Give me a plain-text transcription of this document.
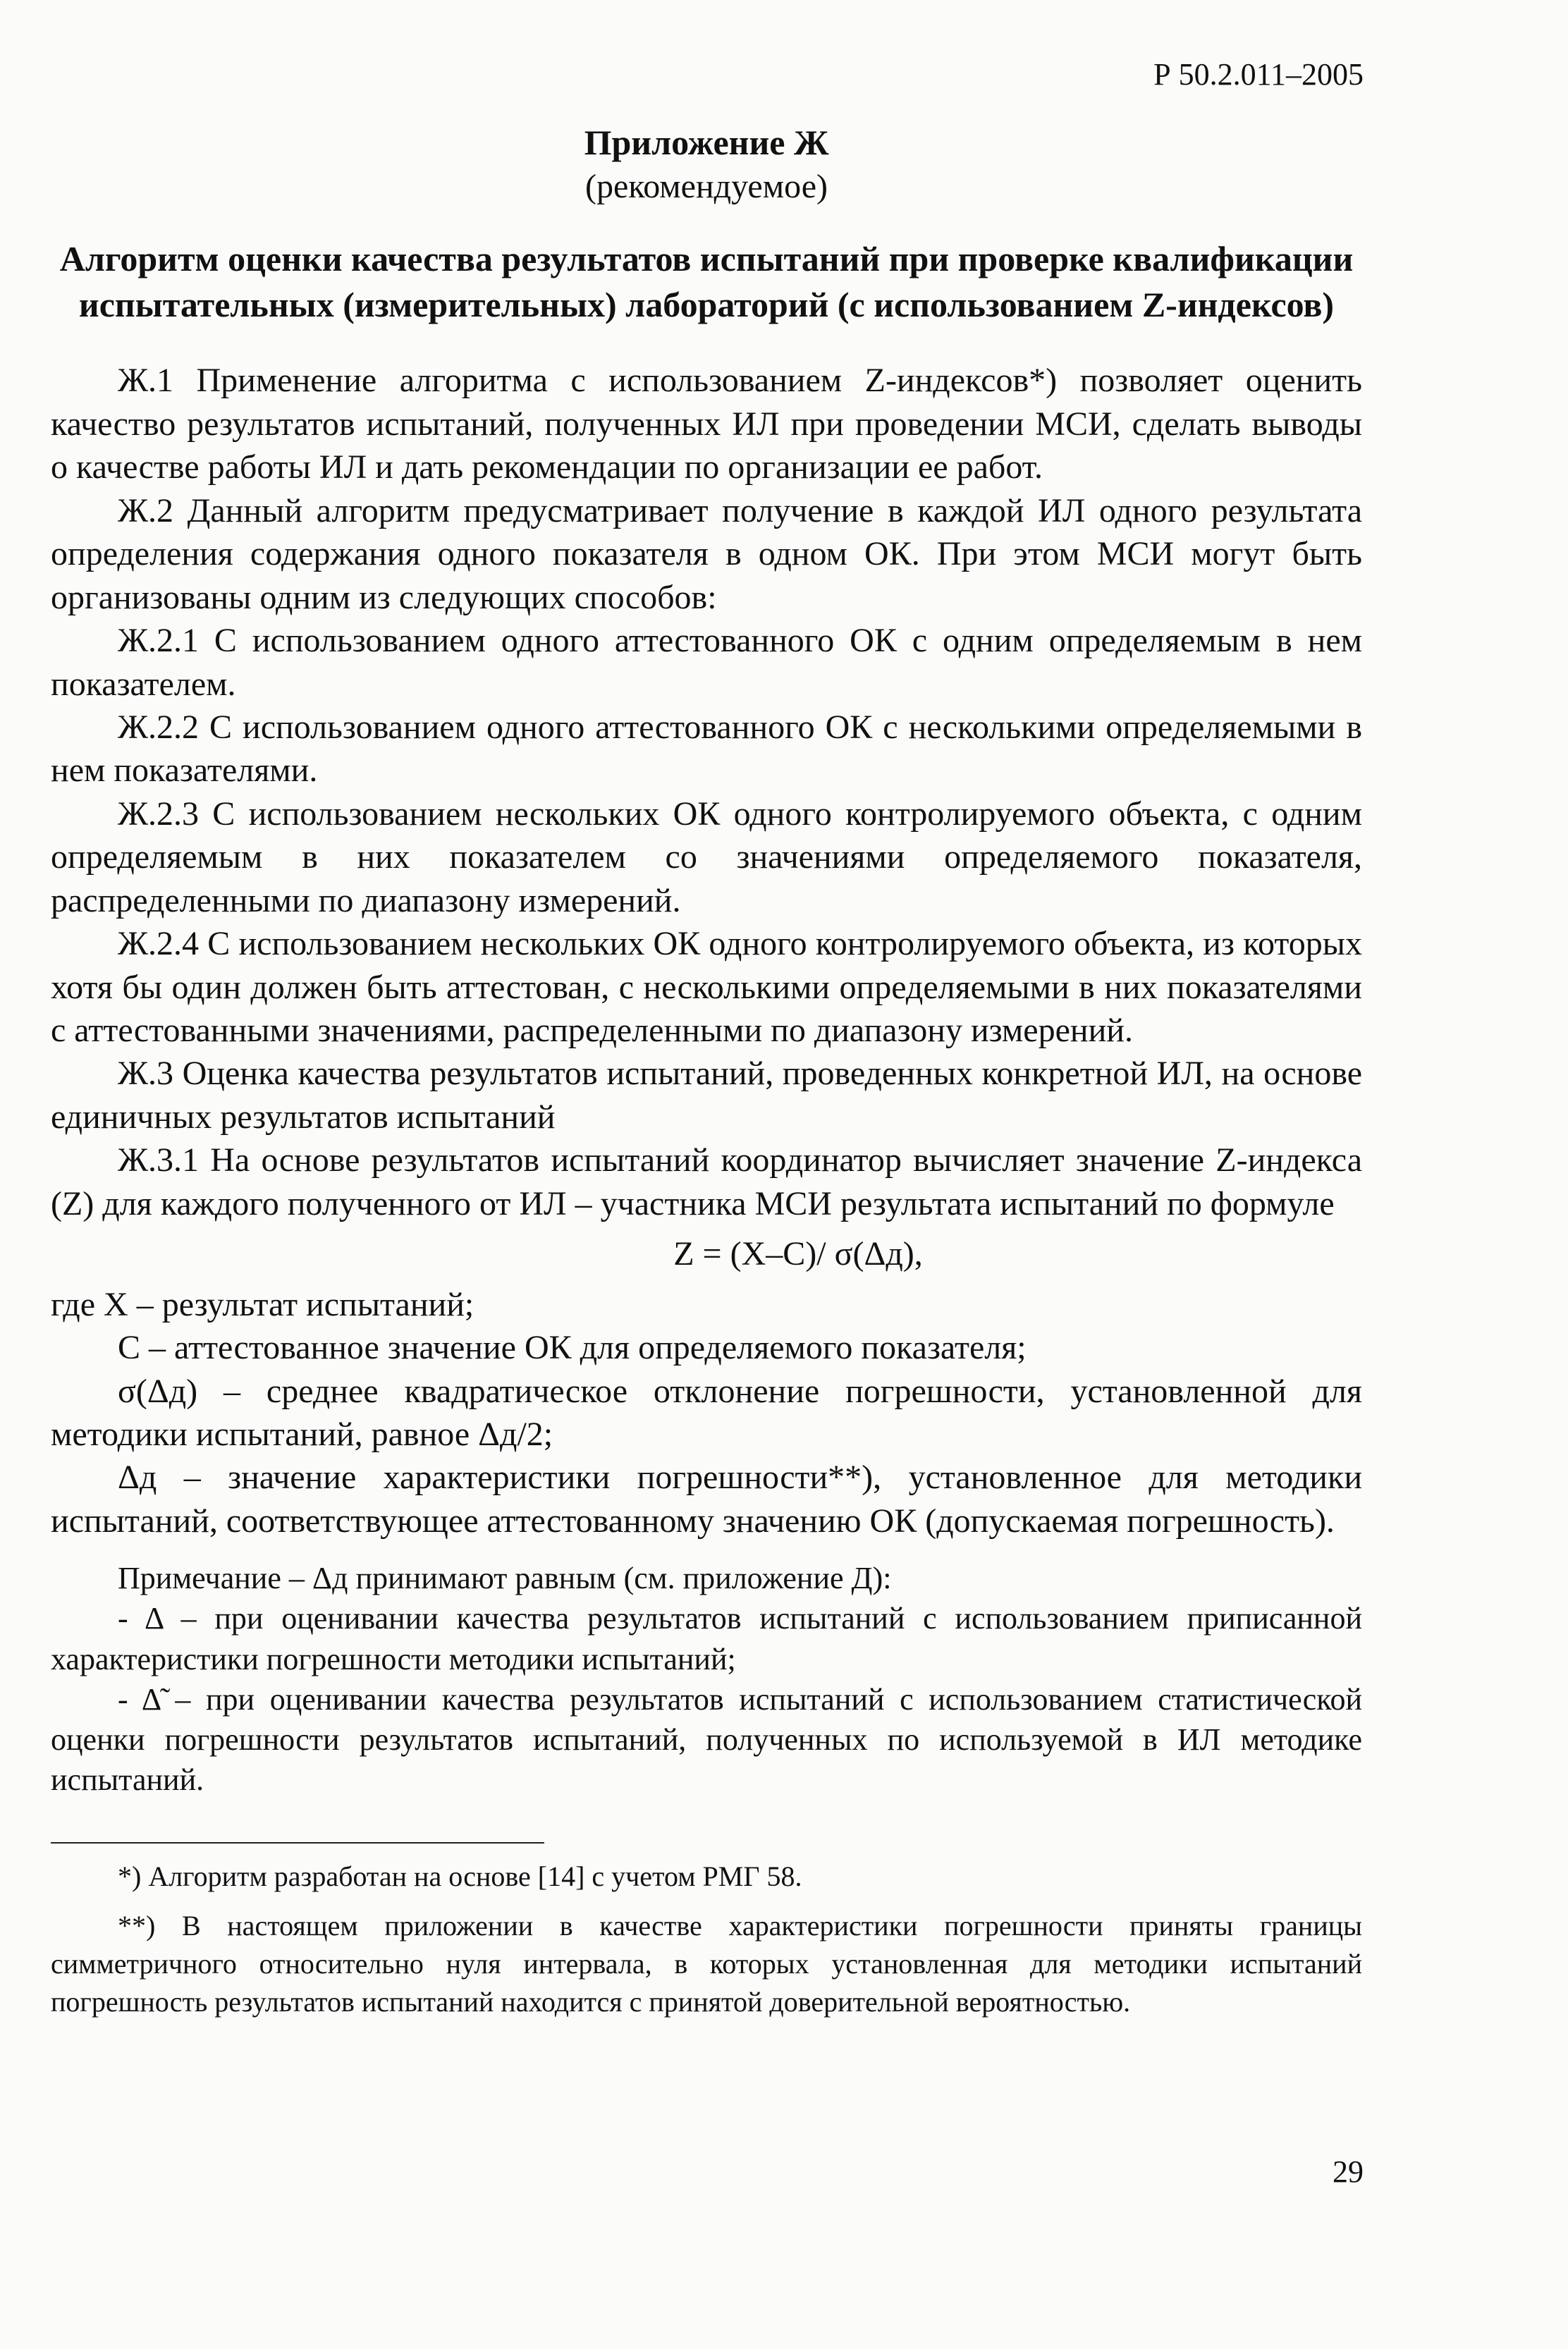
Р 50.2.011–2005

Приложение Ж

(рекомендуемое)

Алгоритм оценки качества результатов испытаний при проверке квалификации испытательных (измерительных) лабораторий (с использованием Z-индексов)

Ж.1 Применение алгоритма с использованием Z-индексов*) позволяет оценить качество результатов испытаний, полученных ИЛ при проведении МСИ, сделать выводы о качестве работы ИЛ и дать рекомендации по организации ее работ.

Ж.2 Данный алгоритм предусматривает получение в каждой ИЛ одного результата определения содержания одного показателя в одном ОК. При этом МСИ могут быть организованы одним из следующих способов:

Ж.2.1 С использованием одного аттестованного ОК с одним определяемым в нем показателем.

Ж.2.2 С использованием одного аттестованного ОК с несколькими определяемыми в нем показателями.

Ж.2.3 С использованием нескольких ОК одного контролируемого объекта, с одним определяемым в них показателем со значениями определяемого показателя, распределенными по диапазону измерений.

Ж.2.4 С использованием нескольких ОК одного контролируемого объекта, из которых хотя бы один должен быть аттестован, с несколькими определяемыми в них показателями с аттестованными значениями, распределенными по диапазону измерений.

Ж.3 Оценка качества результатов испытаний, проведенных конкретной ИЛ, на основе единичных результатов испытаний

Ж.3.1 На основе результатов испытаний координатор вычисляет значение Z-индекса (Z) для каждого полученного от ИЛ – участника МСИ результата испытаний по формуле

Z = (X–C)/ σ(Δд),

где X – результат испытаний;

C – аттестованное значение ОК для определяемого показателя;

σ(Δд) – среднее квадратическое отклонение погрешности, установленной для методики испытаний, равное Δд/2;

Δд – значение характеристики погрешности**), установленное для методики испытаний, соответствующее аттестованному значению ОК (допускаемая погрешность).

Примечание – Δд принимают равным (см. приложение Д):

- Δ – при оценивании качества результатов испытаний с использованием приписанной характеристики погрешности методики испытаний;

- Δ̃ – при оценивании качества результатов испытаний с использованием статистической оценки погрешности результатов испытаний, полученных по используемой в ИЛ методике испытаний.

*) Алгоритм разработан на основе [14] с учетом РМГ 58.

**) В настоящем приложении в качестве характеристики погрешности приняты границы симметричного относительно нуля интервала, в которых установленная для методики испытаний погрешность результатов испытаний находится с принятой доверительной вероятностью.

29
